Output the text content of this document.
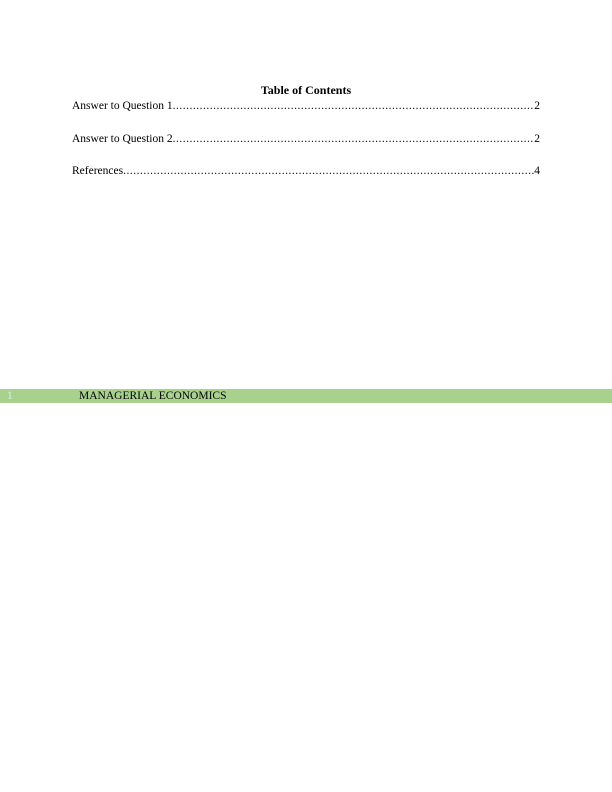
Table of Contents
Answer to Question 1 .....	2
Answer to Question 2 .....	2
References .....	4
1	MANAGERIAL ECONOMICS
